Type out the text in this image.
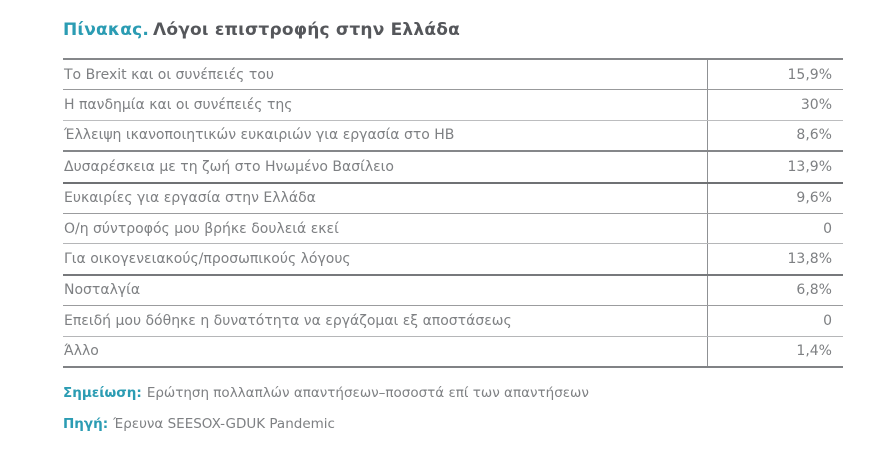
Πίνακας. Λόγοι επιστροφής στην Ελλάδα
Το Brexit και οι συνέπειές του	15,9%
Η πανδημία και οι συνέπειές της	30%
Έλλειψη ικανοποιητικών ευκαιριών για εργασία στο ΗΒ	8,6%
Δυσαρέσκεια με τη ζωή στο Ηνωμένο Βασίλειο	13,9%
Ευκαιρίες για εργασία στην Ελλάδα	9,6%
Ο/η σύντροφός μου βρήκε δουλειά εκεί	0
Για οικογενειακούς/προσωπικούς λόγους	13,8%
Νοσταλγία	6,8%
Επειδή μου δόθηκε η δυνατότητα να εργάζομαι εξ αποστάσεως	0
Άλλο	1,4%
Σημείωση: Ερώτηση πολλαπλών απαντήσεων–ποσοστά επί των απαντήσεων
Πηγή: Έρευνα SEESOX-GDUK Pandemic
